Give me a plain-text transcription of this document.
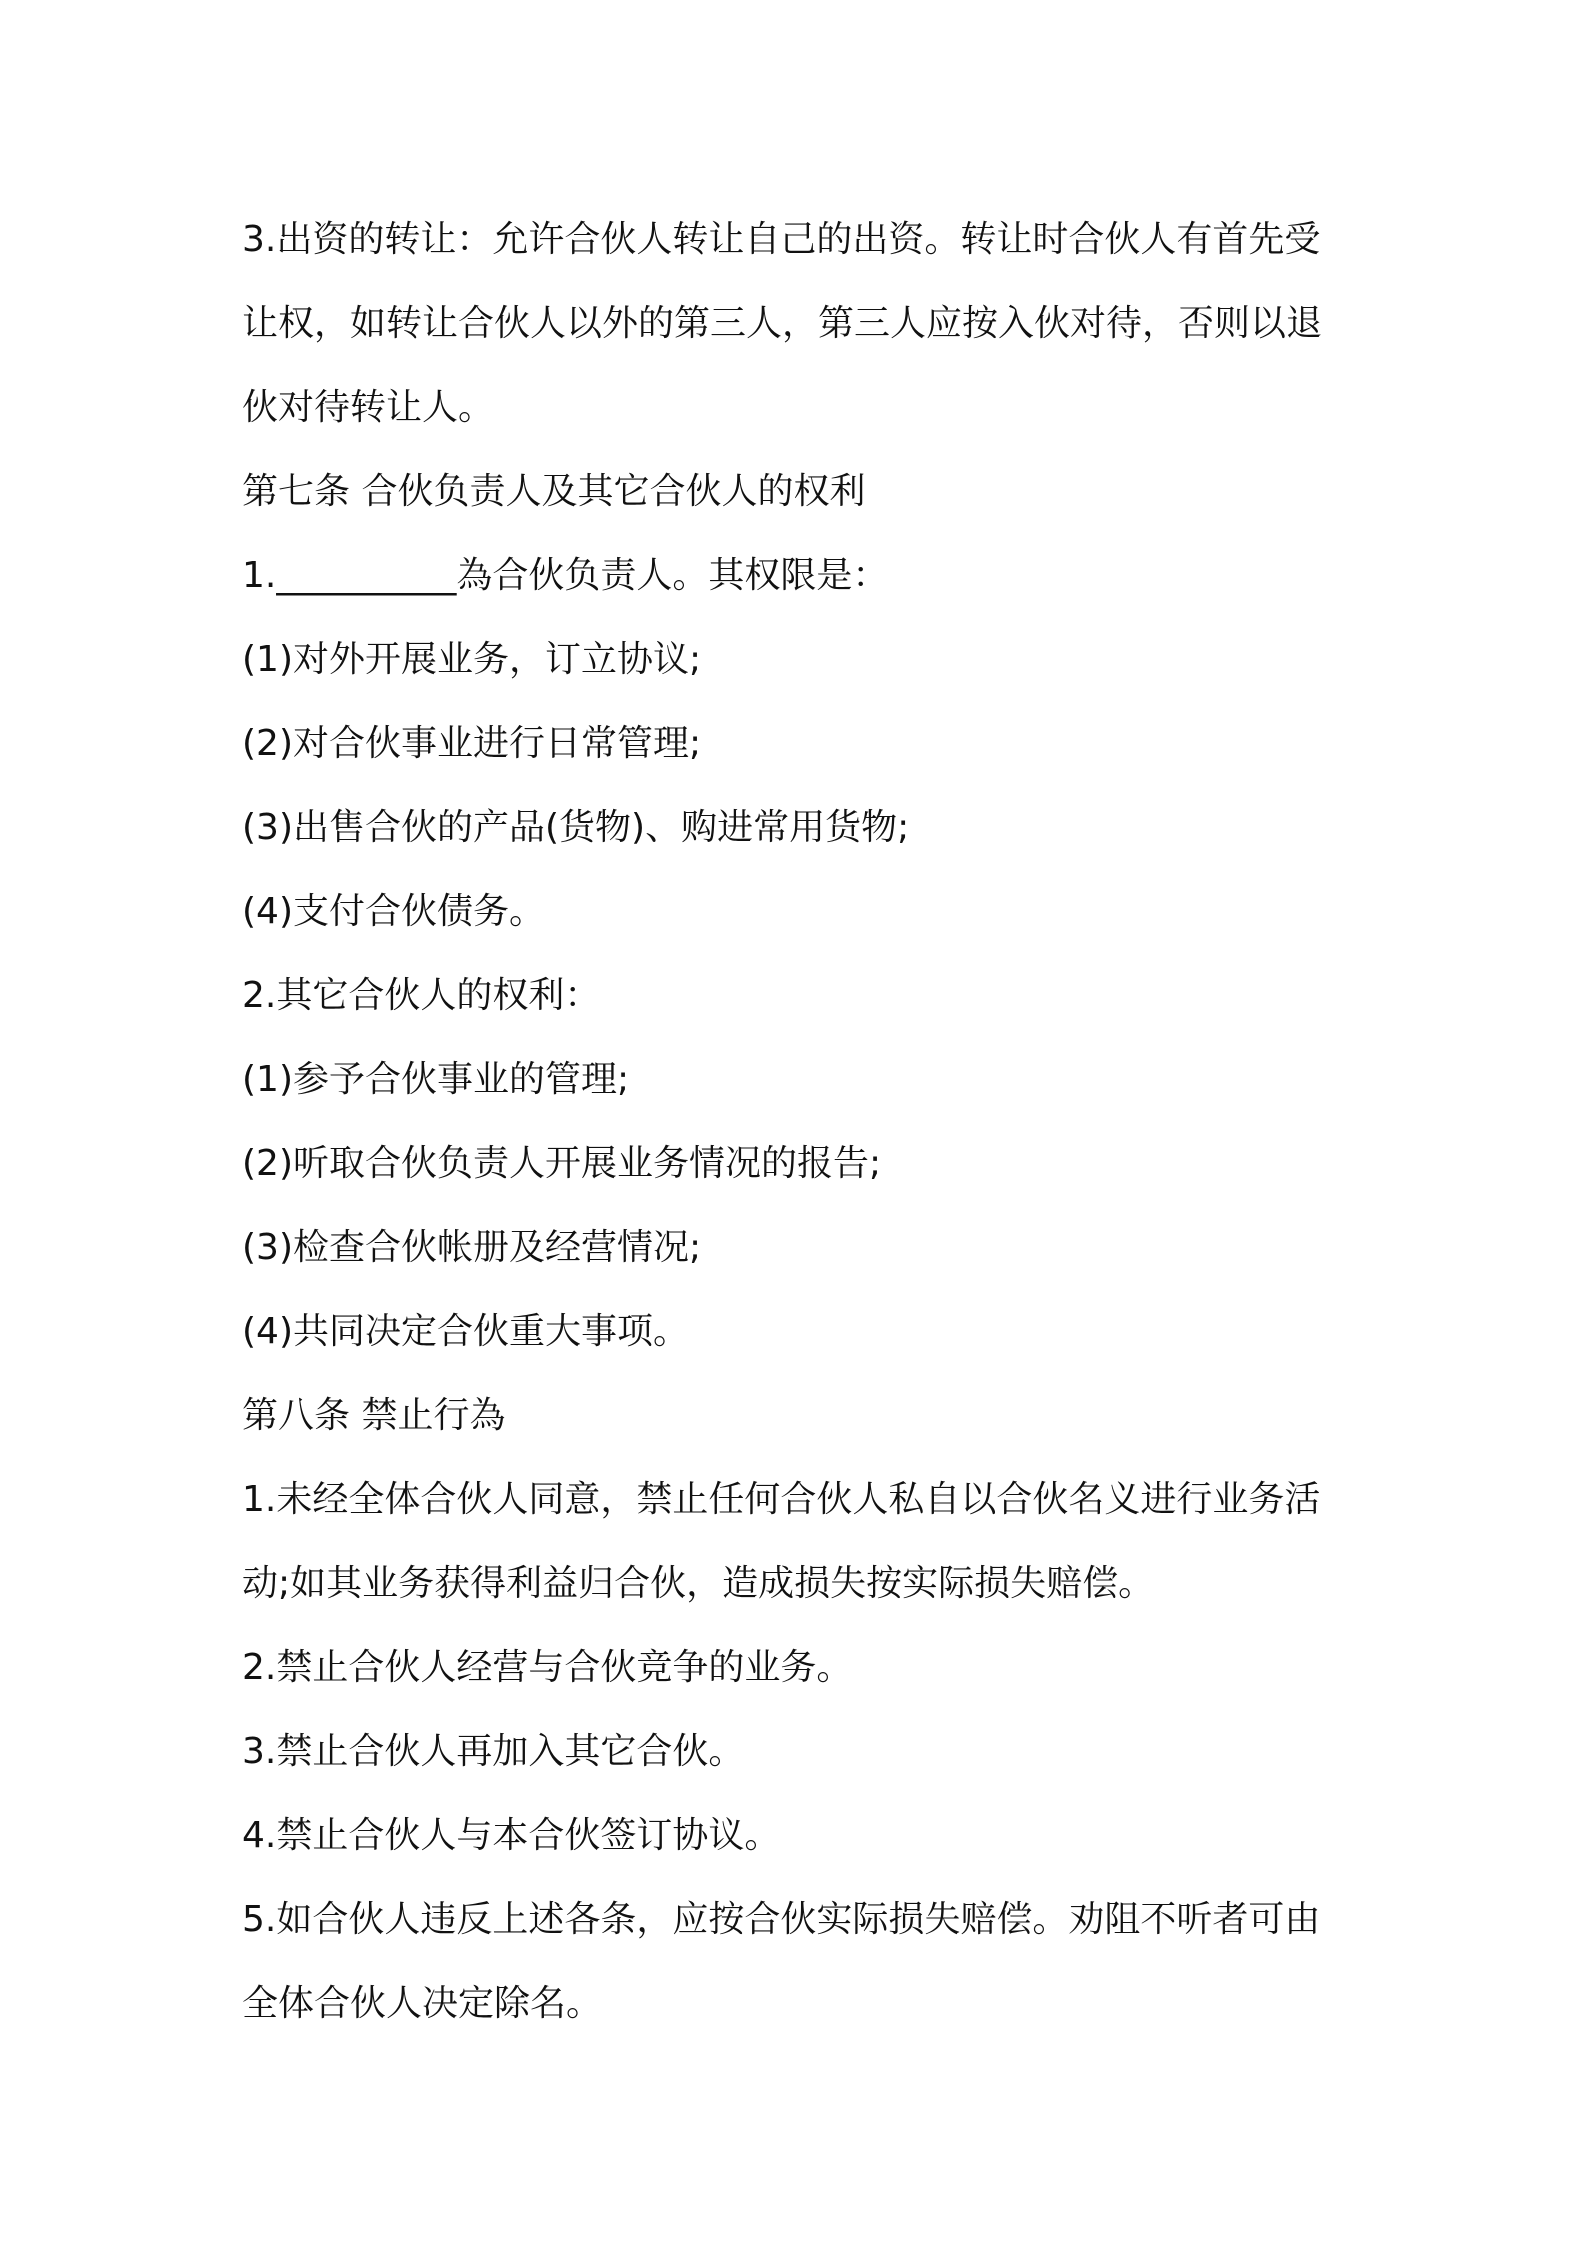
3.出资的转让：允许合伙人转让自己的出资。转让时合伙人有首先受
让权，如转让合伙人以外的第三人，第三人应按入伙对待，否则以退
伙对待转让人。
第七条 合伙负责人及其它合伙人的权利
1.__________為合伙负责人。其权限是：
(1)对外开展业务，订立协议;
(2)对合伙事业进行日常管理;
(3)出售合伙的产品(货物)、购进常用货物;
(4)支付合伙债务。
2.其它合伙人的权利：
(1)参予合伙事业的管理;
(2)听取合伙负责人开展业务情况的报告;
(3)检查合伙帐册及经营情况;
(4)共同决定合伙重大事项。
第八条 禁止行為
1.未经全体合伙人同意，禁止任何合伙人私自以合伙名义进行业务活
动;如其业务获得利益归合伙，造成损失按实际损失赔偿。
2.禁止合伙人经营与合伙竞争的业务。
3.禁止合伙人再加入其它合伙。
4.禁止合伙人与本合伙签订协议。
5.如合伙人违反上述各条，应按合伙实际损失赔偿。劝阻不听者可由
全体合伙人决定除名。
